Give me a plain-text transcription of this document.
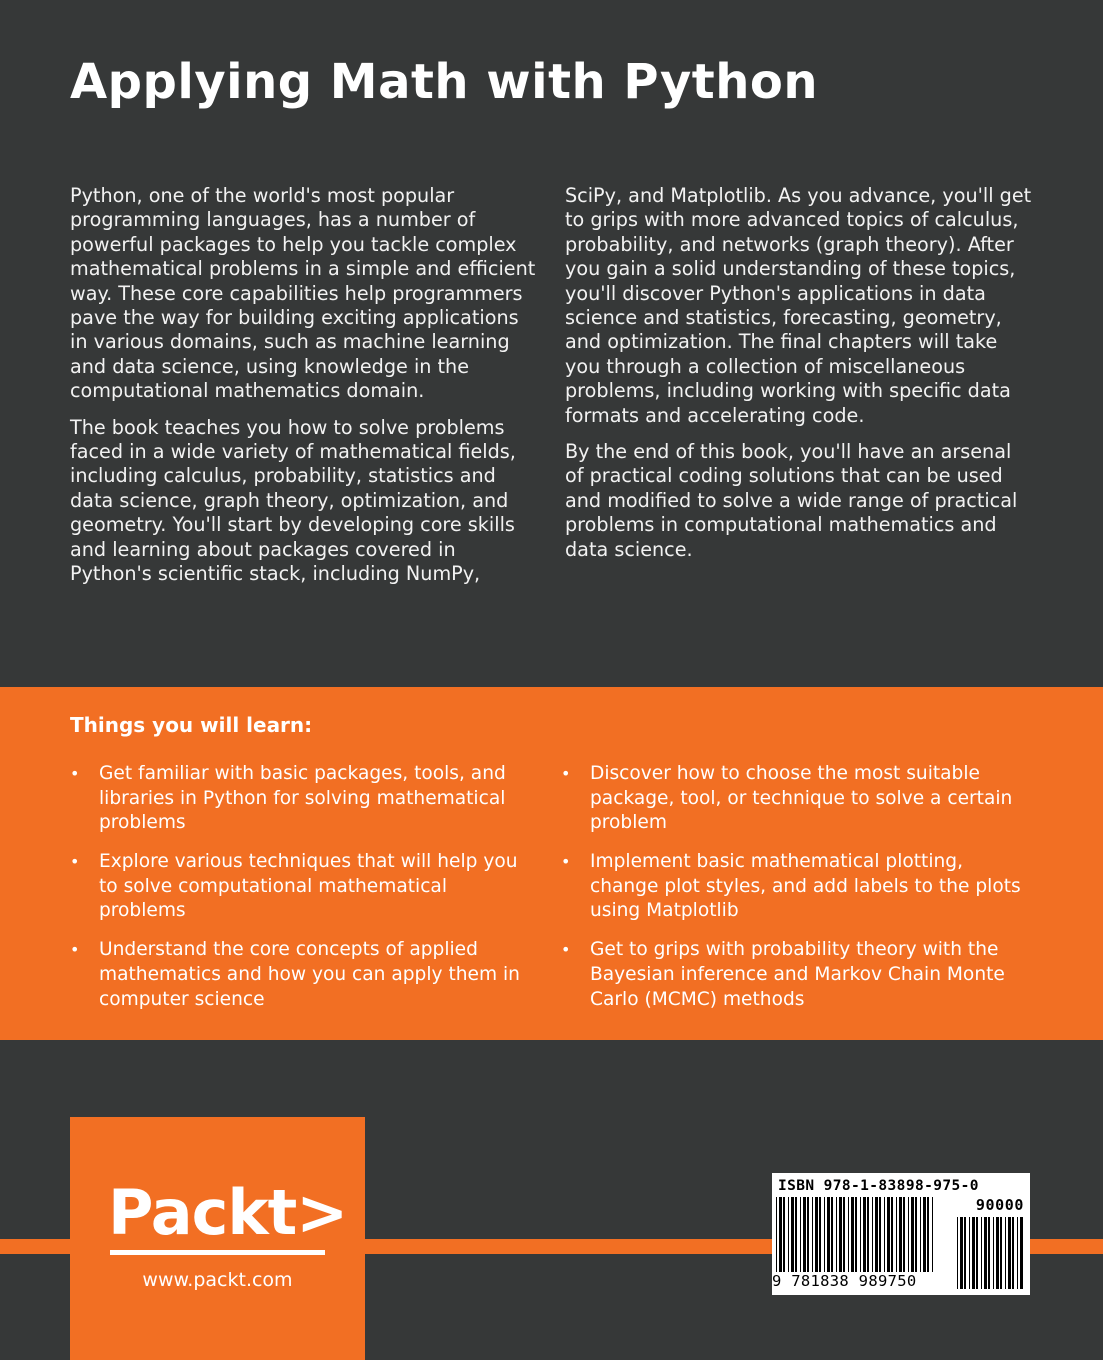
Applying Math with Python

Python, one of the world's most popular programming languages, has a number of powerful packages to help you tackle complex mathematical problems in a simple and efficient way. These core capabilities help programmers pave the way for building exciting applications in various domains, such as machine learning and data science, using knowledge in the computational mathematics domain.

The book teaches you how to solve problems faced in a wide variety of mathematical fields, including calculus, probability, statistics and data science, graph theory, optimization, and geometry. You'll start by developing core skills and learning about packages covered in Python's scientific stack, including NumPy,

SciPy, and Matplotlib. As you advance, you'll get to grips with more advanced topics of calculus, probability, and networks (graph theory). After you gain a solid understanding of these topics, you'll discover Python's applications in data science and statistics, forecasting, geometry, and optimization. The final chapters will take you through a collection of miscellaneous problems, including working with specific data formats and accelerating code.

By the end of this book, you'll have an arsenal of practical coding solutions that can be used and modified to solve a wide range of practical problems in computational mathematics and data science.

Things you will learn:
• Get familiar with basic packages, tools, and libraries in Python for solving mathematical problems
• Explore various techniques that will help you to solve computational mathematical problems
• Understand the core concepts of applied mathematics and how you can apply them in computer science
• Discover how to choose the most suitable package, tool, or technique to solve a certain problem
• Implement basic mathematical plotting, change plot styles, and add labels to the plots using Matplotlib
• Get to grips with probability theory with the Bayesian inference and Markov Chain Monte Carlo (MCMC) methods
Packt>
www.packt.com
ISBN 978-1-83898-975-0
90000
9 781838 989750
